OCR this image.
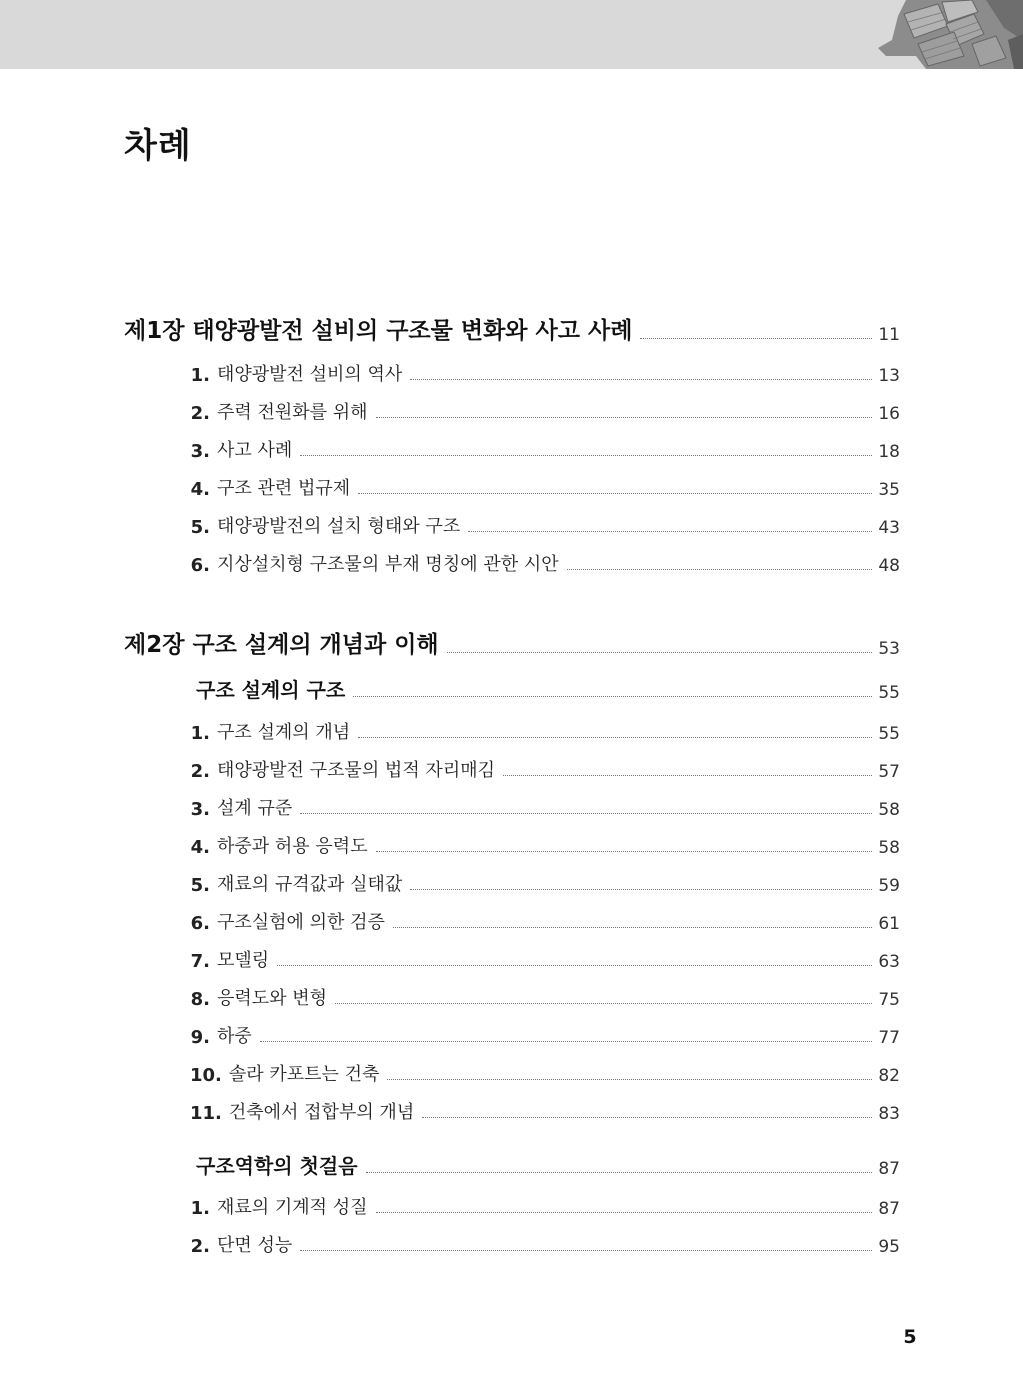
차례
제1장 태양광발전 설비의 구조물 변화와 사고 사례	11
1. 태양광발전 설비의 역사	13
2. 주력 전원화를 위해	16
3. 사고 사례	18
4. 구조 관련 법규제	35
5. 태양광발전의 설치 형태와 구조	43
6. 지상설치형 구조물의 부재 명칭에 관한 시안	48
제2장 구조 설계의 개념과 이해	53
구조 설계의 구조	55
1. 구조 설계의 개념	55
2. 태양광발전 구조물의 법적 자리매김	57
3. 설계 규준	58
4. 하중과 허용 응력도	58
5. 재료의 규격값과 실태값	59
6. 구조실험에 의한 검증	61
7. 모델링	63
8. 응력도와 변형	75
9. 하중	77
10. 솔라 카포트는 건축	82
11. 건축에서 접합부의 개념	83
구조역학의 첫걸음	87
1. 재료의 기계적 성질	87
2. 단면 성능	95
5
